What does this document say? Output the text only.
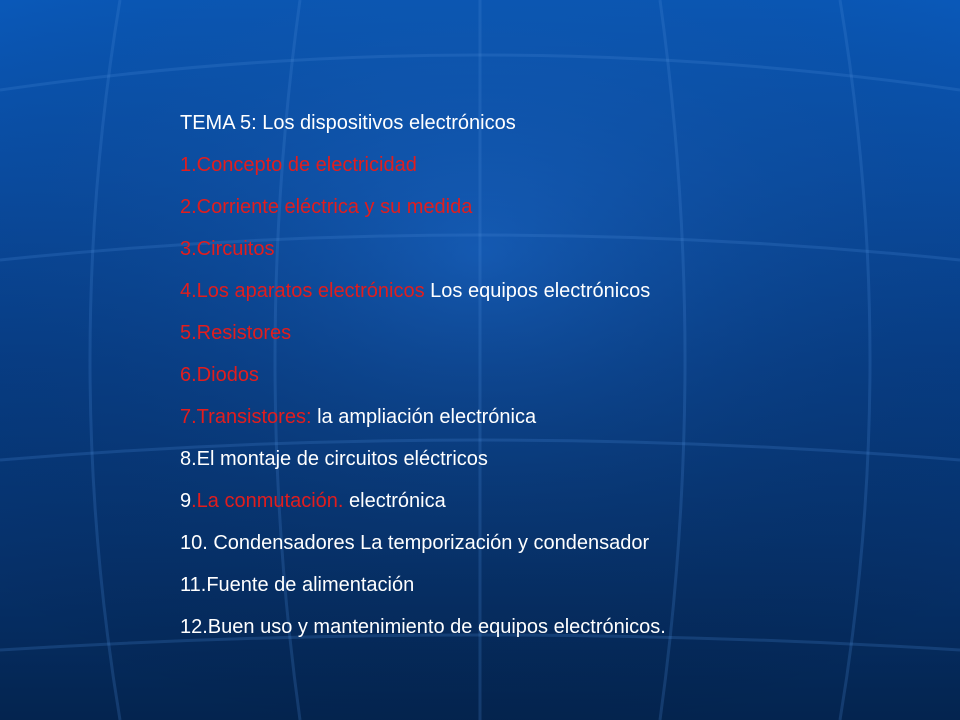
TEMA 5: Los dispositivos electrónicos
1.Concepto de electricidad
2.Corriente eléctrica y su medida
3.Circuitos
4.Los aparatos electrónicos Los equipos electrónicos
5.Resistores
6.Diodos
7.Transistores: la ampliación electrónica
8.El montaje de circuitos eléctricos
9.La conmutación. electrónica
10. Condensadores La temporización y condensador
11.Fuente de alimentación
12.Buen uso y mantenimiento de equipos electrónicos.
